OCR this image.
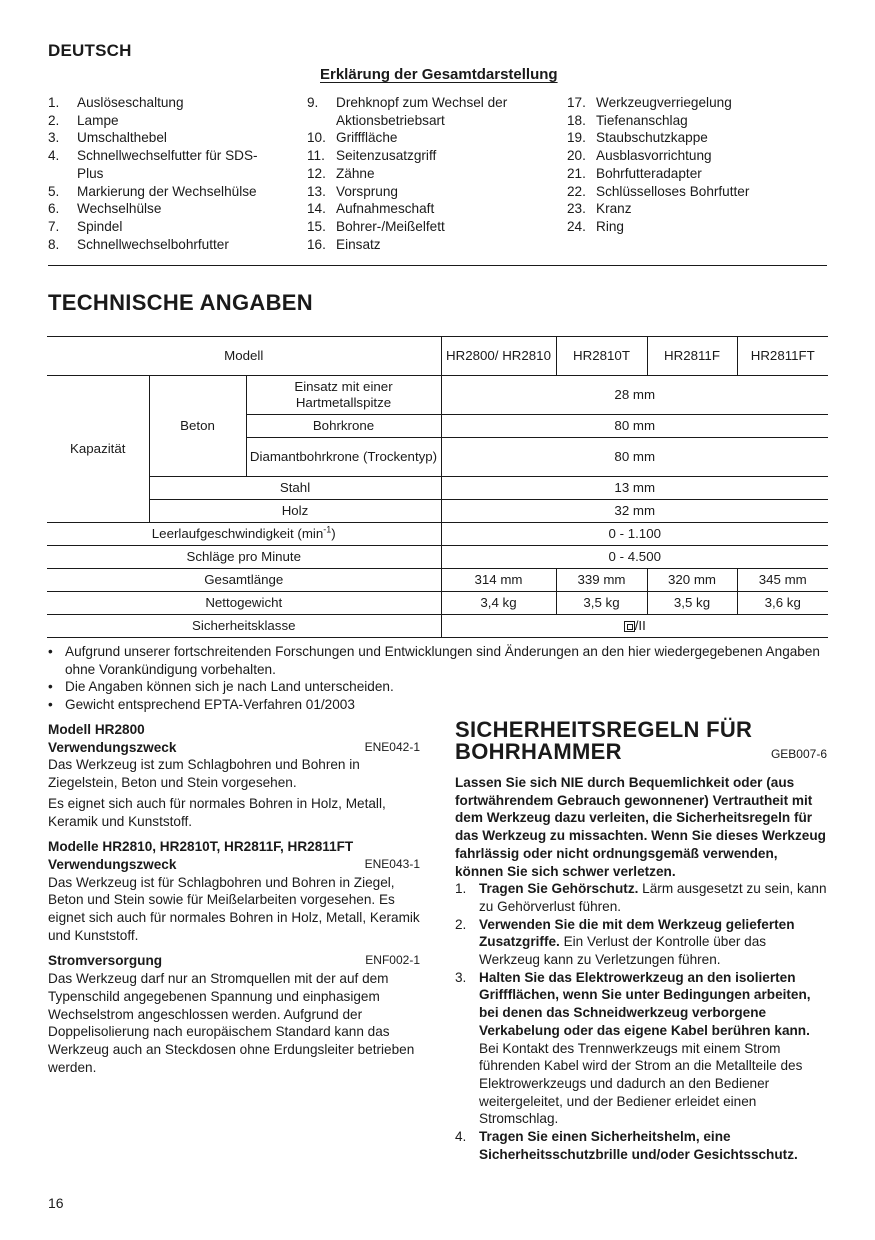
DEUTSCH
Erklärung der Gesamtdarstellung
1.	Auslöseschaltung
2.	Lampe
3.	Umschalthebel
4.	Schnellwechselfutter für SDS-Plus
5.	Markierung der Wechselhülse
6.	Wechselhülse
7.	Spindel
8.	Schnellwechselbohrfutter
9.	Drehknopf zum Wechsel der Aktionsbetriebsart
10. Grifffläche
11. Seitenzusatzgriff
12. Zähne
13. Vorsprung
14. Aufnahmeschaft
15. Bohrer-/Meißelfett
16. Einsatz
17. Werkzeugverriegelung
18. Tiefenanschlag
19. Staubschutzkappe
20. Ausblasvorrichtung
21. Bohrfutteradapter
22. Schlüsselloses Bohrfutter
23. Kranz
24. Ring
TECHNISCHE ANGABEN
Modell			HR2800/ HR2810	HR2810T	HR2811F	HR2811FT
Kapazität	Beton	Einsatz mit einer Hartmetallspitze	28 mm			
		Bohrkrone	80 mm			
		Diamantbohrkrone (Trockentyp)	80 mm			
	Stahl		13 mm			
	Holz		32 mm			
Leerlaufgeschwindigkeit $(\min^{-1})$			0 - 1.100			
Schläge pro Minute			0 - 4.500			
Gesamtlänge			314 mm	339 mm	320 mm	345 mm
Nettogewicht			3,4 kg	3,5 kg	3,5 kg	3,6 kg
Sicherheitsklasse			/II			
• Aufgrund unserer fortschreitenden Forschungen und Entwicklungen sind Änderungen an den hier wiedergegebenen Angaben ohne Vorankündigung vorbehalten.
• Die Angaben können sich je nach Land unterscheiden.
• Gewicht entsprechend EPTA-Verfahren 01/2003
Modell HR2800
Verwendungszweck	ENE042-1

Das Werkzeug ist zum Schlagbohren und Bohren in Ziegelstein, Beton und Stein vorgesehen.

Es eignet sich auch für normales Bohren in Holz, Metall, Keramik und Kunststoff.

Modelle HR2810, HR2810T, HR2811F, HR2811FT
Verwendungszweck	ENE043-1

Das Werkzeug ist für Schlagbohren und Bohren in Ziegel, Beton und Stein sowie für Meißelarbeiten vorgesehen. Es eignet sich auch für normales Bohren in Holz, Metall, Keramik und Kunststoff.

Stromversorgung	ENF002-1

Das Werkzeug darf nur an Stromquellen mit der auf dem Typenschild angegebenen Spannung und einphasigem Wechselstrom angeschlossen werden. Aufgrund der Doppelisolierung nach europäischem Standard kann das Werkzeug auch an Steckdosen ohne Erdungsleiter betrieben werden.

SICHERHEITSREGELN FÜR
BOHRHAMMER	GEB007-6

Lassen Sie sich NIE durch Bequemlichkeit oder (aus fortwährendem Gebrauch gewonnener) Vertrautheit mit dem Werkzeug dazu verleiten, die Sicherheitsregeln für das Werkzeug zu missachten. Wenn Sie dieses Werkzeug fahrlässig oder nicht ordnungsgemäß verwenden, können Sie sich schwer verletzen.

1. Tragen Sie Gehörschutz. Lärm ausgesetzt zu sein, kann zu Gehörverlust führen.
2. Verwenden Sie die mit dem Werkzeug gelieferten Zusatzgriffe. Ein Verlust der Kontrolle über das Werkzeug kann zu Verletzungen führen.
3. Halten Sie das Elektrowerkzeug an den isolierten Griffflächen, wenn Sie unter Bedingungen arbeiten, bei denen das Schneidwerkzeug verborgene Verkabelung oder das eigene Kabel berühren kann. Bei Kontakt des Trennwerkzeugs mit einem Strom führenden Kabel wird der Strom an die Metallteile des Elektrowerkzeugs und dadurch an den Bediener weitergeleitet, und der Bediener erleidet einen Stromschlag.
4. Tragen Sie einen Sicherheitshelm, eine Sicherheitsschutzbrille und/oder Gesichtsschutz.
16
